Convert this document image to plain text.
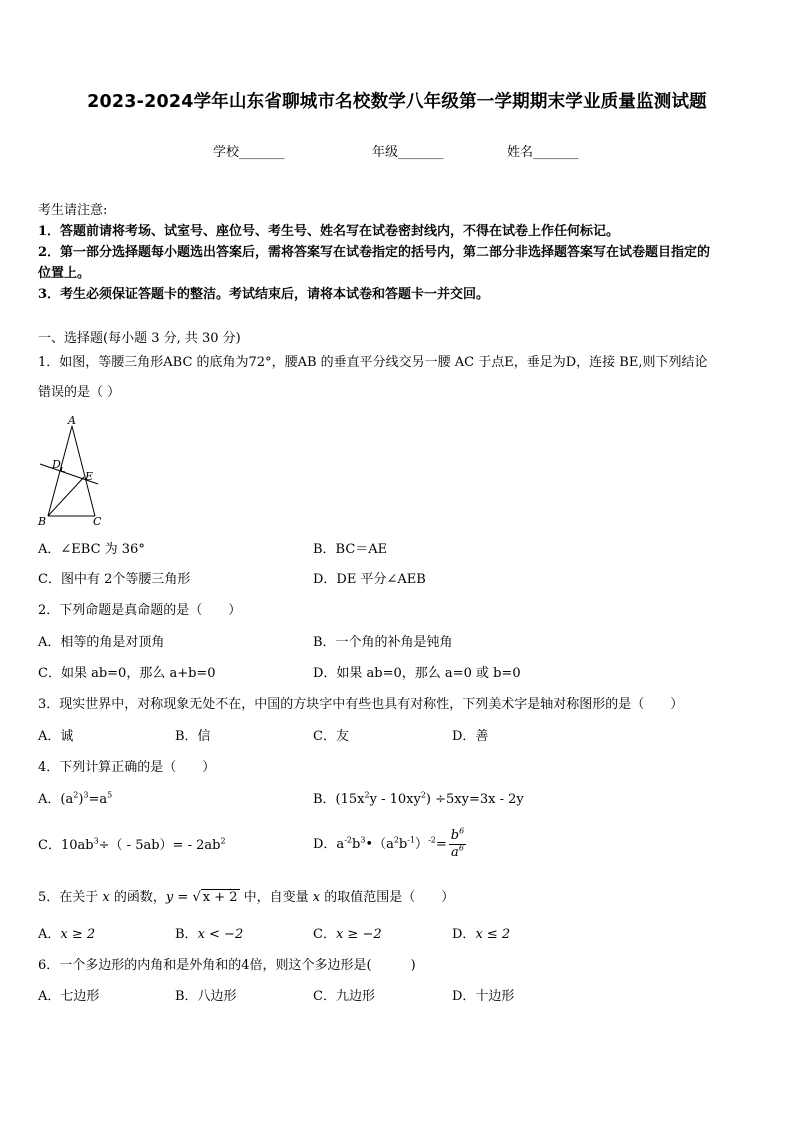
2023-2024学年山东省聊城市名校数学八年级第一学期期末学业质量监测试题
学校_______	年级_______	姓名_______
考生请注意:
1．答题前请将考场、试室号、座位号、考生号、姓名写在试卷密封线内，不得在试卷上作任何标记。
2．第一部分选择题每小题选出答案后，需将答案写在试卷指定的括号内，第二部分非选择题答案写在试卷题目指定的
位置上。
3．考生必须保证答题卡的整洁。考试结束后，请将本试卷和答题卡一并交回。
一、选择题(每小题 3 分, 共 30 分)
1．如图，等腰三角形ABC 的底角为72°，腰AB 的垂直平分线交另一腰 AC 于点E，垂足为D，连接 BE,则下列结论
错误的是（ ）
A
D
E
B	C
A．∠EBC 为 36°	B．BC＝AE
C．图中有 2个等腰三角形	D．DE 平分∠AEB
2．下列命题是真命题的是（　　）
A．相等的角是对顶角	B．一个角的补角是钝角
C．如果 ab=0，那么 a+b=0	D．如果 ab=0，那么 a=0 或 b=0
3．现实世界中，对称现象无处不在，中国的方块字中有些也具有对称性，下列美术字是轴对称图形的是（　　）
A．诚	B．信	C．友	D．善
4．下列计算正确的是（　　）
A．$(a^2)^3=a^5$	B．$(15x^2y - 10xy^2) \div 5xy=3x - 2y$
C．$10ab^3\div( - 5ab)= - 2ab^2$	D．$a^{-2}b^3•(a^2b^{-1})^{-2}= \frac{b^6}{a^6}$
5．在关于 x 的函数，y = √ x + 2 中，自变量 x 的取值范围是（　　）
A．x ≥ 2	B．x < −2	C．x ≥ −2	D．x ≤ 2
6．一个多边形的内角和是外角和的4倍，则这个多边形是(　　　)
A．七边形	B．八边形	C．九边形	D．十边形
